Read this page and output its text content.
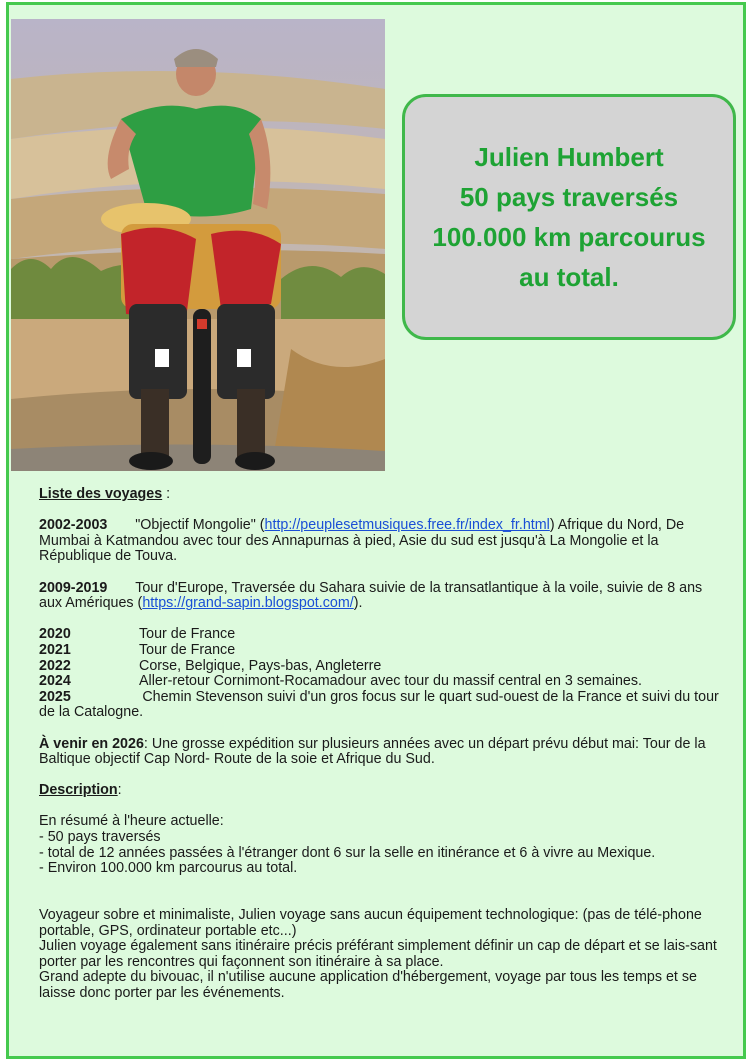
Julien Humbert
50 pays traversés
100.000 km parcourus
au total.

Liste des voyages :

2002-2003 "Objectif Mongolie" (http://peuplesetmusiques.free.fr/index_fr.html) Afrique du Nord, De Mumbai à Katmandou avec tour des Annapurnas à pied, Asie du sud est jusqu'à La Mongolie et la République de Touva.

2009-2019 Tour d'Europe, Traversée du Sahara suivie de la transatlantique à la voile, suivie de 8 ans aux Amériques (https://grand-sapin.blogspot.com/).

2020	Tour de France
2021	Tour de France
2022	Corse, Belgique, Pays-bas, Angleterre
2024	Aller-retour Cornimont-Rocamadour avec tour du massif central en 3 semaines.

2025	Chemin Stevenson suivi d'un gros focus sur le quart sud-ouest de la France et suivi du tour de la Catalogne.

À venir en 2026: Une grosse expédition sur plusieurs années avec un départ prévu début mai: Tour de la Baltique objectif Cap Nord- Route de la soie et Afrique du Sud.

Description:

En résumé à l'heure actuelle:

- 50 pays traversés

- total de 12 années passées à l'étranger dont 6 sur la selle en itinérance et 6 à vivre au Mexique.

- Environ 100.000 km parcourus au total.

Voyageur sobre et minimaliste, Julien voyage sans aucun équipement technologique: (pas de télé-phone portable, GPS, ordinateur portable etc...)

Julien voyage également sans itinéraire précis préférant simplement définir un cap de départ et se lais-sant porter par les rencontres qui façonnent son itinéraire à sa place.

Grand adepte du bivouac, il n'utilise aucune application d'hébergement, voyage par tous les temps et se laisse donc porter par les événements.
